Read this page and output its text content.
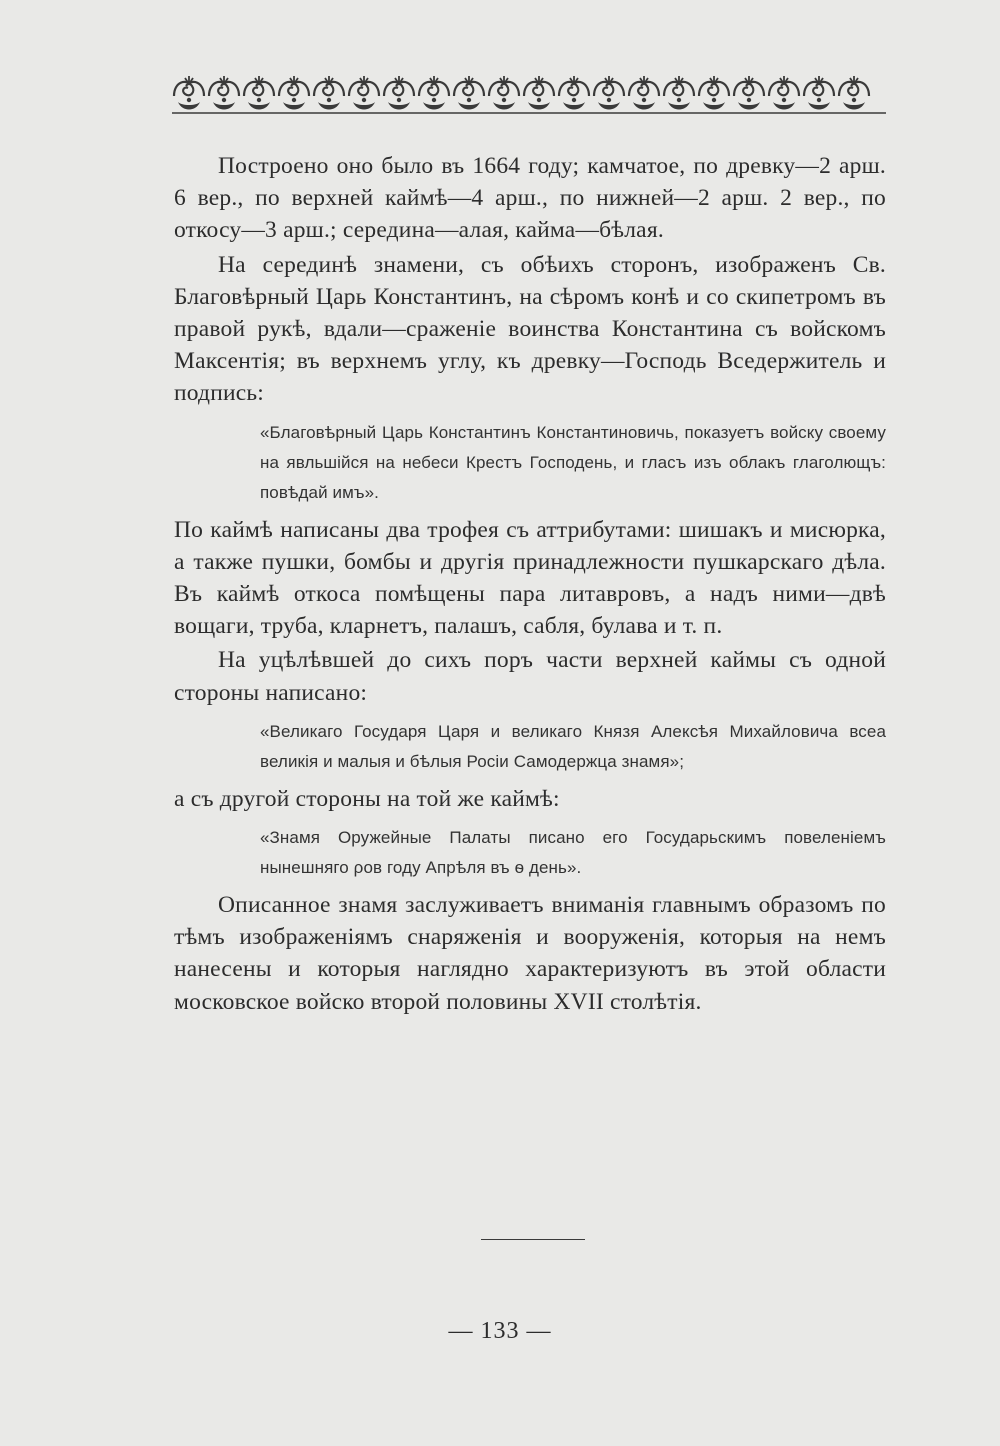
Построено оно было въ 1664 году; камчатое, по древку—2 арш. 6 вер., по верхней каймѣ—4 арш., по нижней—2 арш. 2 вер., по откосу—3 арш.; середина—алая, кайма—бѣлая.

На серединѣ знамени, съ обѣихъ сторонъ, изображенъ Св. Благовѣрный Царь Константинъ, на сѣромъ конѣ и со скипетромъ въ правой рукѣ, вдали—сраженіе воинства Константина съ войскомъ Максентія; въ верхнемъ углу, къ древку—Господь Вседержитель и подпись:

«Благовѣрный Царь Константинъ Константиновичь, показуетъ войску своему на явльшійся на небеси Крестъ Господень, и гласъ изъ облакъ глаголющъ: повѣдай имъ».

По каймѣ написаны два трофея съ аттрибутами: шишакъ и мисюрка, а также пушки, бомбы и другія принадлежности пушкарскаго дѣла. Въ каймѣ откоса помѣщены пара литавровъ, а надъ ними—двѣ вощаги, труба, кларнетъ, палашъ, сабля, булава и т. п.

На уцѣлѣвшей до сихъ поръ части верхней каймы съ одной стороны написано:

«Великаго Государя Царя и великаго Князя Алексѣя Михайловича всеа великія и малыя и бѣлыя Росіи Самодержца знамя»;

а съ другой стороны на той же каймѣ:

«Знамя Оружейные Палаты писано его Государьскимъ повеленіемъ нынешняго ροв году Апрѣля въ ѳ день».

Описанное знамя заслуживаетъ вниманія главнымъ образомъ по тѣмъ изображеніямъ снаряженія и вооруженія, которыя на немъ нанесены и которыя наглядно характеризуютъ въ этой области московское войско второй половины XVII столѣтія.

— 133 —
